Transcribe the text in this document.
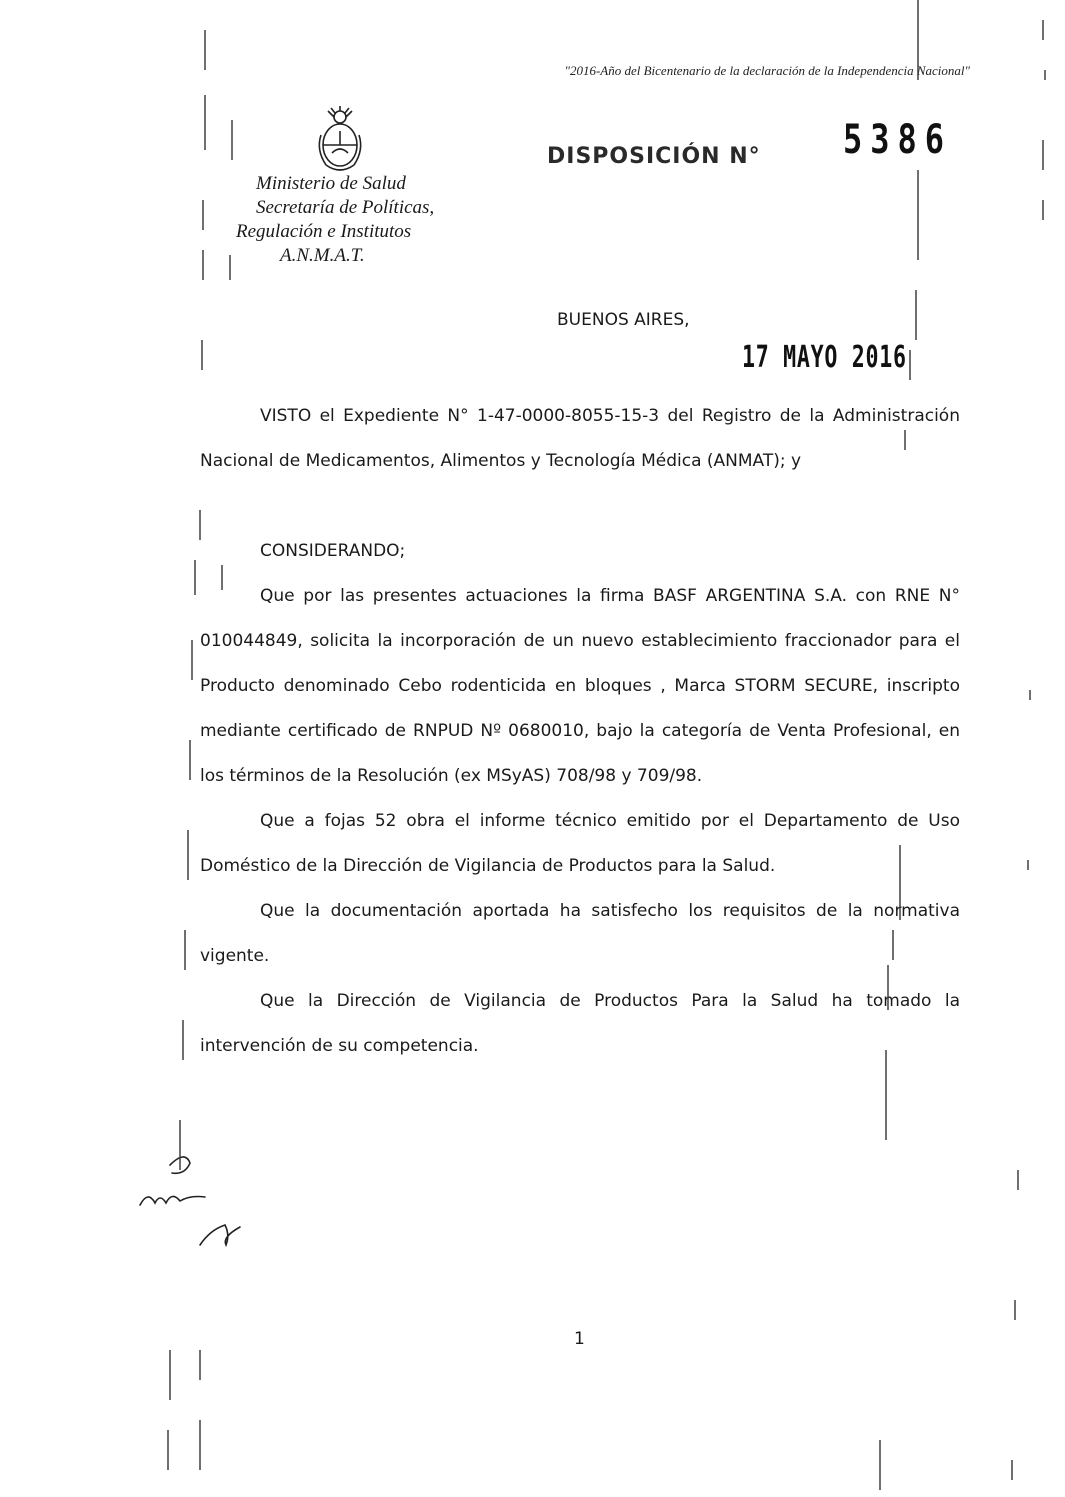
"2016-Año del Bicentenario de la declaración de la Independencia Nacional"
Ministerio de Salud
Secretaría de Políticas,
Regulación e Institutos
A.N.M.A.T.
DISPOSICIÓN N° 5386
BUENOS AIRES,
17 MAYO 2016

VISTO el Expediente N° 1-47-0000-8055-15-3 del Registro de la Administración Nacional de Medicamentos, Alimentos y Tecnología Médica (ANMAT); y

CONSIDERANDO;

Que por las presentes actuaciones la firma BASF ARGENTINA S.A. con RNE N° 010044849, solicita la incorporación de un nuevo establecimiento fraccionador para el Producto denominado Cebo rodenticida en bloques , Marca STORM SECURE, inscripto mediante certificado de RNPUD Nº 0680010, bajo la categoría de Venta Profesional, en los términos de la Resolución (ex MSyAS) 708/98 y 709/98.

Que a fojas 52 obra el informe técnico emitido por el Departamento de Uso Doméstico de la Dirección de Vigilancia de Productos para la Salud.

Que la documentación aportada ha satisfecho los requisitos de la normativa vigente.

Que la Dirección de Vigilancia de Productos Para la Salud ha tomado la intervención de su competencia.

1
